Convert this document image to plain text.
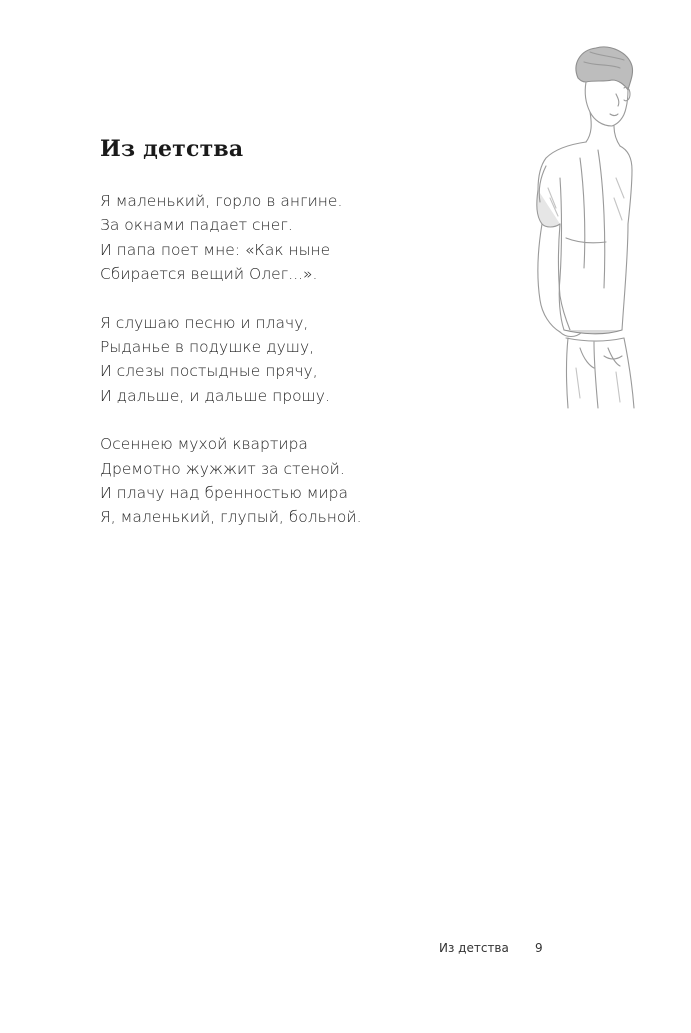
Из детства
Я маленький, горло в ангине.
За окнами падает снег.
И папа поет мне: «Как ныне
Сбирается вещий Олег...».
Я слушаю песню и плачу,
Рыданье в подушке душу,
И слезы постыдные прячу,
И дальше, и дальше прошу.
Осеннею мухой квартира
Дремотно жужжит за стеной.
И плачу над бренностью мира
Я, маленький, глупый, больной.
Из детства 9
